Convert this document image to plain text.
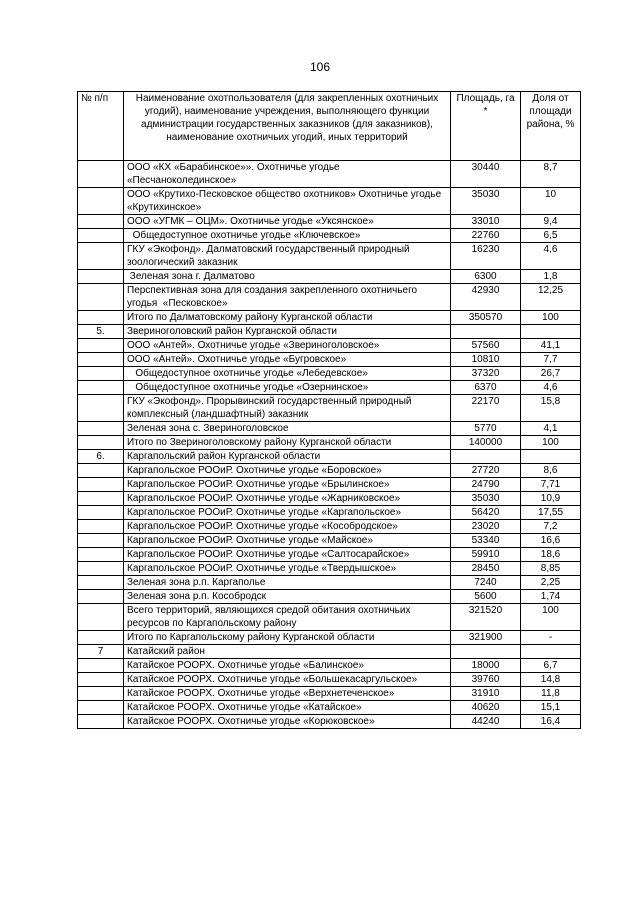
106
№ п/п	Наименование охотпользователя (для закрепленных охотничьих угодий), наименование учреждения, выполняющего функции администрации государственных заказников (для заказников), наименование охотничьих угодий, иных территорий	Площадь, га *	Доля от площади района, %
	ООО «КХ «Барабинское»». Охотничье угодье «Песчаноколединское»	30440	8,7
	ООО «Крутихо-Песковское общество охотников» Охотничье угодье «Крутихинское»	35030	10
	ООО «УГМК – ОЦМ». Охотничье угодье «Уксянское»	33010	9,4
	Общедоступное охотничье угодье «Ключевское»	22760	6,5
	ГКУ «Экофонд». Далматовский государственный природный зоологический заказник	16230	4,6
	Зеленая зона г. Далматово	6300	1,8
	Перспективная зона для создания закрепленного охотничьего  угодья  «Песковское»	42930	12,25
	Итого по Далматовскому району Курганской области	350570	100
5.	Звериноголовский район Курганской области		
	ООО «Антей». Охотничье угодье «Звериноголовское»	57560	41,1
	ООО «Антей». Охотничье угодье «Бугровское»	10810	7,7
	Общедоступное охотничье угодье «Лебедевское»	37320	26,7
	Общедоступное охотничье угодье «Озернинское»	6370	4,6
	ГКУ «Экофонд». Прорывинский государственный природный комплексный (ландшафтный) заказник	22170	15,8
	Зеленая зона с. Звериноголовское	5770	4,1
	Итого по Звериноголовскому району Курганской области	140000	100
6.	Каргапольский район Курганской области		
	Каргапольское РООиР. Охотничье угодье «Боровское»	27720	8,6
	Каргапольское РООиР. Охотничье угодье «Брылинское»	24790	7,71
	Каргапольское РООиР. Охотничье угодье «Жарниковское»	35030	10,9
	Каргапольское РООиР. Охотничье угодье «Каргапольское»	56420	17,55
	Каргапольское РООиР. Охотничье угодье «Кособродское»	23020	7,2
	Каргапольское РООиР. Охотничье угодье «Майское»	53340	16,6
	Каргапольское РООиР. Охотничье угодье «Салтосарайское»	59910	18,6
	Каргапольское РООиР. Охотничье угодье «Твердышское»	28450	8,85
	Зеленая зона р.п. Каргаполье	7240	2,25
	Зеленая зона р.п. Кособродск	5600	1,74
	Всего территорий, являющихся средой обитания охотничьих ресурсов по Каргапольскому району	321520	100
	Итого по Каргапольскому району Курганской области	321900	-
7	Катайский район		
	Катайское РООРХ. Охотничье угодье «Балинское»	18000	6,7
	Катайское РООРХ. Охотничье угодье «Большекасаргульское»	39760	14,8
	Катайское РООРХ. Охотничье угодье «Верхнетеченское»	31910	11,8
	Катайское РООРХ. Охотничье угодье «Катайское»	40620	15,1
	Катайское РООРХ. Охотничье угодье «Корюковское»	44240	16,4
